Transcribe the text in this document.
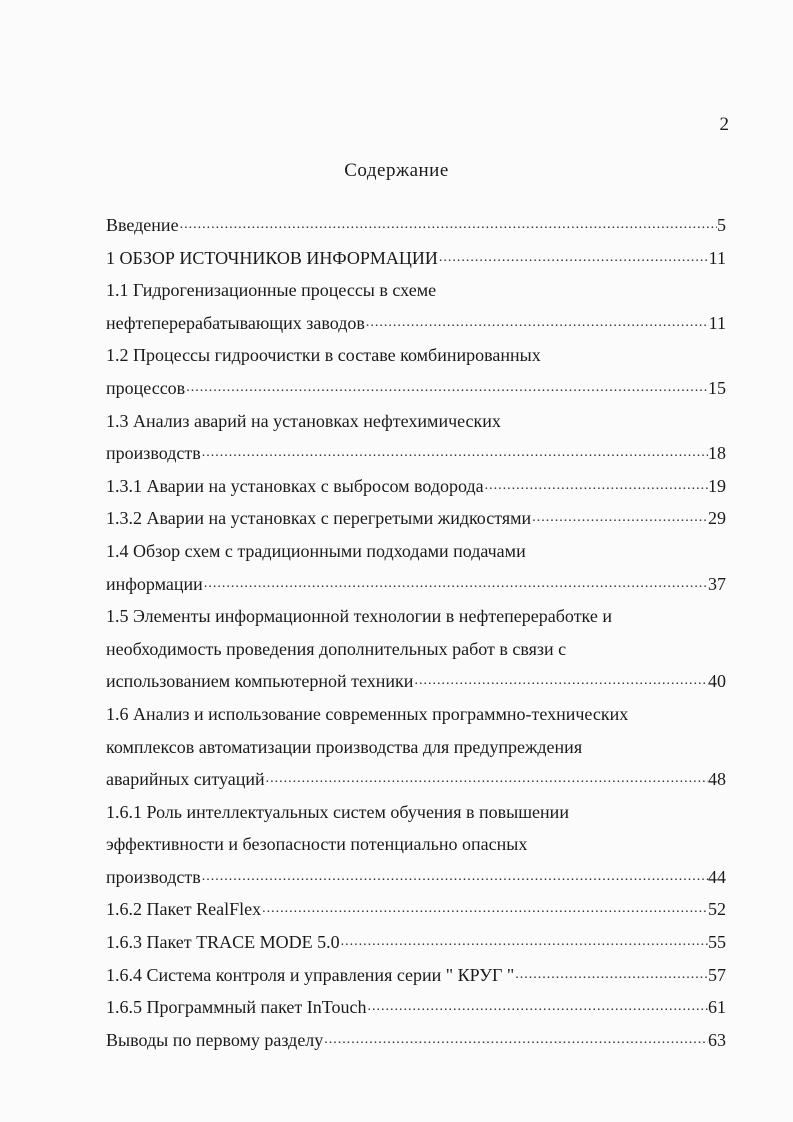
2
Содержание
Введение .....	5
1 ОБЗОР ИСТОЧНИКОВ ИНФОРМАЦИИ .....	11
1.1 Гидрогенизационные процессы в схеме
нефтеперерабатывающих заводов .....	11
1.2 Процессы гидроочистки в составе комбинированных
процессов .....	15
1.3 Анализ аварий на установках нефтехимических
производств .....	18
1.3.1 Аварии на установках с выбросом водорода .....	19
1.3.2 Аварии на установках с перегретыми жидкостями .....	29
1.4 Обзор схем с традиционными подходами подачами
информации .....	37
1.5 Элементы информационной технологии в нефтепереработке и
необходимость проведения дополнительных работ в связи с
использованием компьютерной техники .....	40
1.6 Анализ и использование современных программно-технических
комплексов автоматизации производства для предупреждения
аварийных ситуаций .....	48
1.6.1 Роль интеллектуальных систем обучения в повышении
эффективности и безопасности потенциально опасных
производств .....	44
1.6.2 Пакет RealFlex .....	52
1.6.3 Пакет TRACE MODE 5.0 .....	55
1.6.4 Система контроля и управления серии " КРУГ " .....	57
1.6.5 Программный пакет InTouch .....	61
Выводы по первому разделу .....	63
